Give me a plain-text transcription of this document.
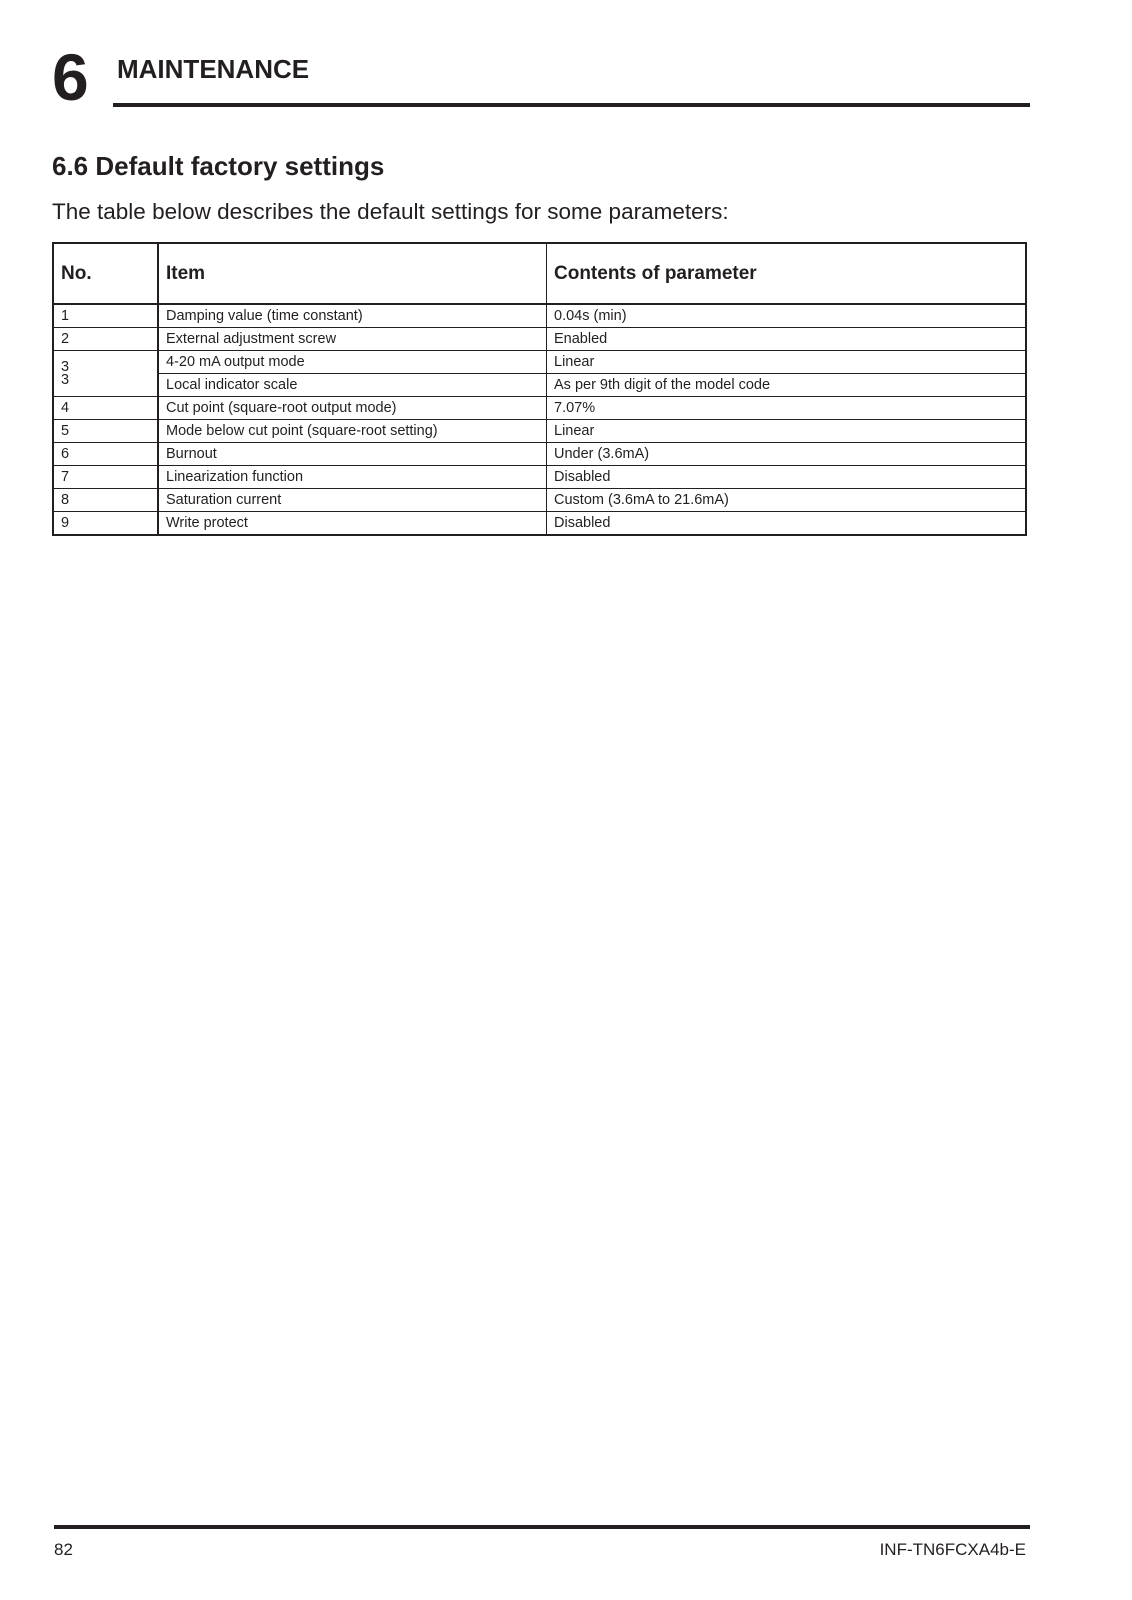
6 MAINTENANCE
6.6 Default factory settings
The table below describes the default settings for some parameters:
No.	Item	Contents of parameter
1	Damping value (time constant)	0.04s (min)
2	External adjustment screw	Enabled

3
3	4-20 mA output mode	Linear
	Local indicator scale	As per 9th digit of the model code
4	Cut point (square-root output mode)	7.07%
5	Mode below cut point (square-root setting)	Linear
6	Burnout	Under (3.6mA)
7	Linearization function	Disabled
8	Saturation current	Custom (3.6mA to 21.6mA)
9	Write protect	Disabled
82	INF-TN6FCXA4b-E
